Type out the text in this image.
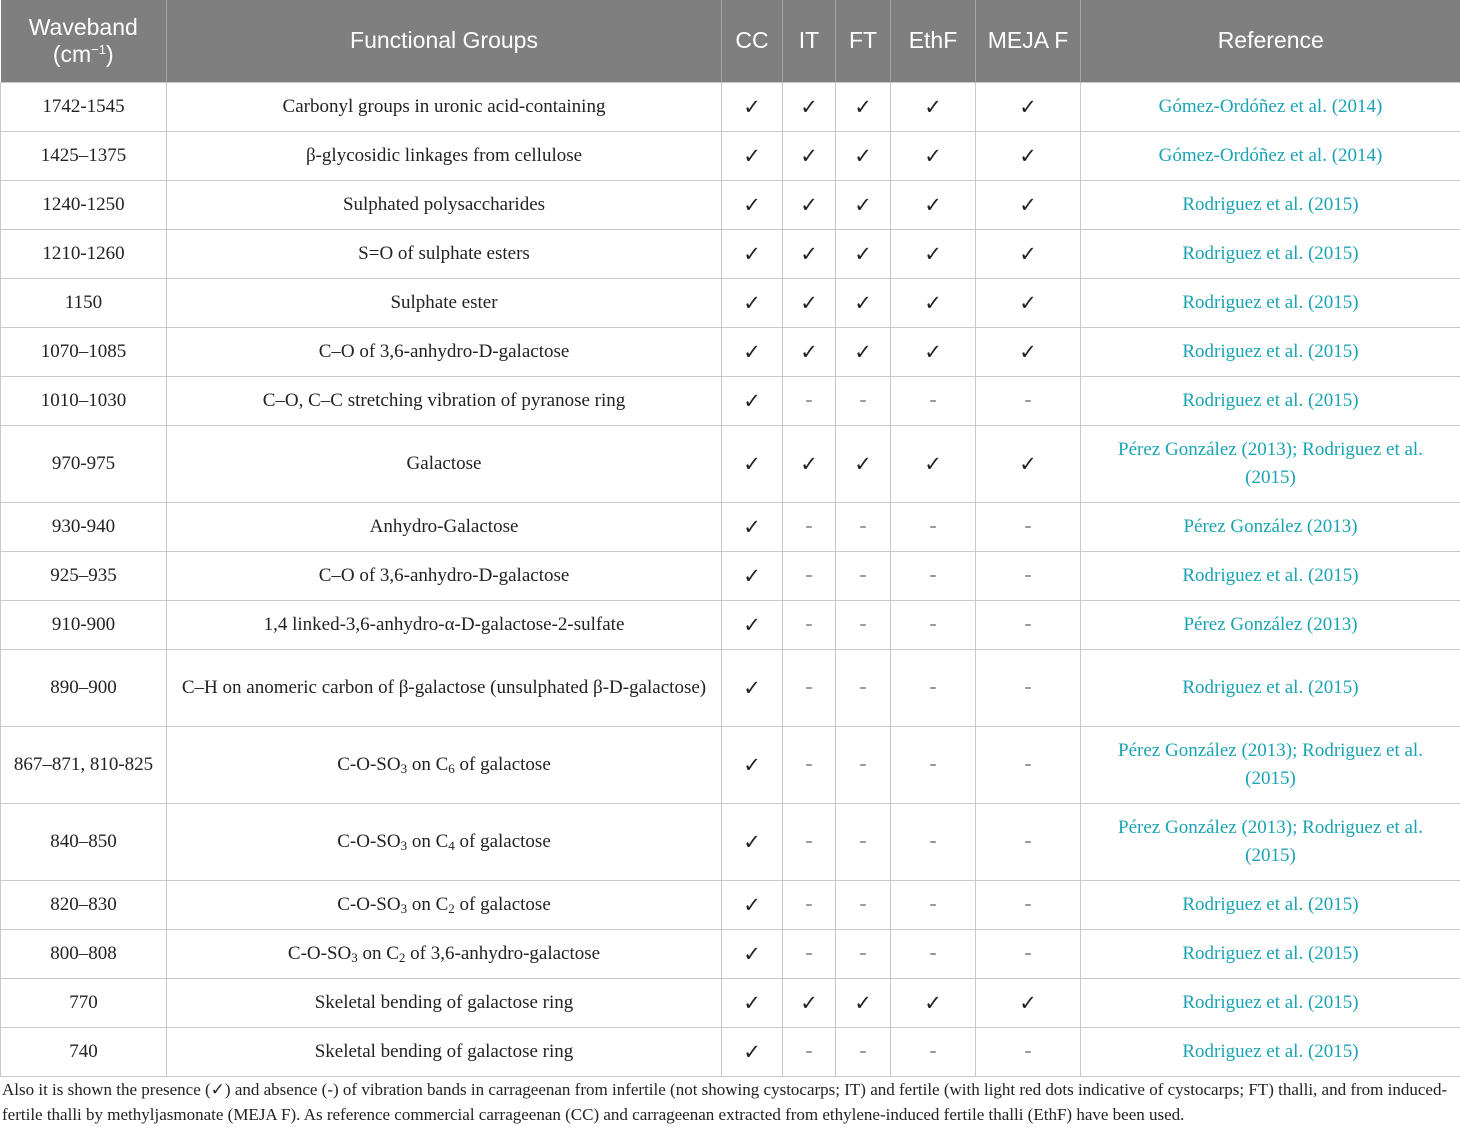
Waveband
$(cm^{-1})$	Functional Groups	CC	IT	FT	EthF	MEJA F	Reference
1742-1545	Carbonyl groups in uronic acid-containing	✓	✓	✓	✓	✓	Gómez-Ordóñez et al. (2014)
1425–1375	β-glycosidic linkages from cellulose	✓	✓	✓	✓	✓	Gómez-Ordóñez et al. (2014)
1240-1250	Sulphated polysaccharides	✓	✓	✓	✓	✓	Rodriguez et al. (2015)
1210-1260	S=O of sulphate esters	✓	✓	✓	✓	✓	Rodriguez et al. (2015)
1150	Sulphate ester	✓	✓	✓	✓	✓	Rodriguez et al. (2015)
1070–1085	C–O of 3,6-anhydro-D-galactose	✓	✓	✓	✓	✓	Rodriguez et al. (2015)
1010–1030	C–O, C–C stretching vibration of pyranose ring	✓	–	–	–	–	Rodriguez et al. (2015)
970-975	Galactose	✓	✓	✓	✓	✓	Pérez González (2013); Rodriguez et al. (2015)
930-940	Anhydro-Galactose	✓	–	–	–	–	Pérez González (2013)
925–935	C–O of 3,6-anhydro-D-galactose	✓	–	–	–	–	Rodriguez et al. (2015)
910-900	1,4 linked-3,6-anhydro-α-D-galactose-2-sulfate	✓	–	–	–	–	Pérez González (2013)
890–900	C–H on anomeric carbon of β-galactose (unsulphated β-D-galactose)	✓	–	–	–	–	Rodriguez et al. (2015)
867–871, 810-825	$C-O-SO_3$ on $C_6$ of galactose	✓	–	–	–	–	Pérez González (2013); Rodriguez et al. (2015)
840–850	$C-O-SO_3$ on $C_4$ of galactose	✓	–	–	–	–	Pérez González (2013); Rodriguez et al. (2015)
820–830	$C-O-SO_3$ on $C_2$ of galactose	✓	–	–	–	–	Rodriguez et al. (2015)
800–808	$C-O-SO_3$ on $C_2$ of 3,6-anhydro-galactose	✓	–	–	–	–	Rodriguez et al. (2015)
770	Skeletal bending of galactose ring	✓	✓	✓	✓	✓	Rodriguez et al. (2015)
740	Skeletal bending of galactose ring	✓	–	–	–	–	Rodriguez et al. (2015)
Also it is shown the presence (✓) and absence (-) of vibration bands in carrageenan from infertile (not showing cystocarps; IT) and fertile (with light red dots indicative of cystocarps; FT) thalli, and from induced-fertile thalli by methyljasmonate (MEJA F). As reference commercial carrageenan (CC) and carrageenan extracted from ethylene-induced fertile thalli (EthF) have been used.
